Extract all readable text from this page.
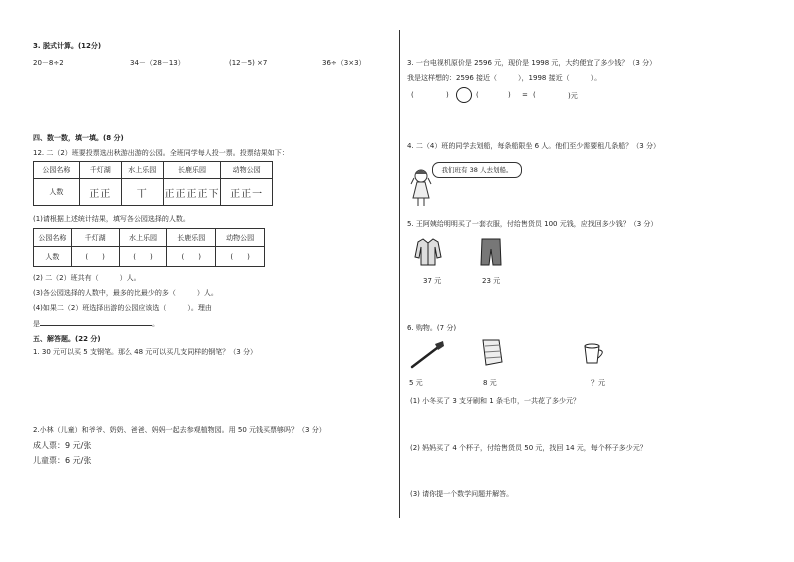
3. 脱式计算。(12分)
20－8÷2	34－（28－13）	(12－5) ×7	36÷（3×3）
四、数一数，填一填。(8 分)
12. 二（2）班要投票选出秋游出游的公园。全班同学每人投一票。投票结果如下：
公园名称	千灯湖	水上乐园	长鹿乐园	动物公园
人数	正正	丅	正正正正下	正正一
(1)请根据上述统计结果，填写各公园选择的人数。
公园名称	千灯湖	水上乐园	长鹿乐园	动物公园
人数	(　　)	(　　)	(　　)	(　　)
(2) 二（2）班共有（　　　）人。
(3)各公园选择的人数中，最多的比最少的多（　　　）人。
(4)如果二（2）班选择出游的公园应该选（　　　）。理由
是	。
五、解答题。(22 分)
1. 30 元可以买 5 支钢笔。那么 48 元可以买几支同样的钢笔？（3 分）
2.小林（儿童）和爷爷、奶奶、爸爸、妈妈一起去参观植物园。用 50 元钱买票够吗？（3 分）
成人票：9 元/张
儿童票：6 元/张
3. 一台电视机原价是 2596 元，现价是 1998 元，大约便宜了多少钱？（3 分）
我是这样想的：2596 接近（　　　），1998 接近（　　　）。
(	)	(	) = (	)元
4. 二（4）班的同学去划船，每条船限坐 6 人。他们至少需要租几条船？（3 分）
我们班有 38 人去划船。
5. 王阿姨给明明买了一套衣服，付给售货员 100 元钱，应找回多少钱？（3 分）
37 元	23 元
6. 购物。(7 分)
5 元	8 元	？元
(1) 小冬买了 3 支牙刷和 1 条毛巾，一共花了多少元？
(2) 妈妈买了 4 个杯子，付给售货员 50 元，找回 14 元，每个杯子多少元？
(3) 请你提一个数学问题并解答。
